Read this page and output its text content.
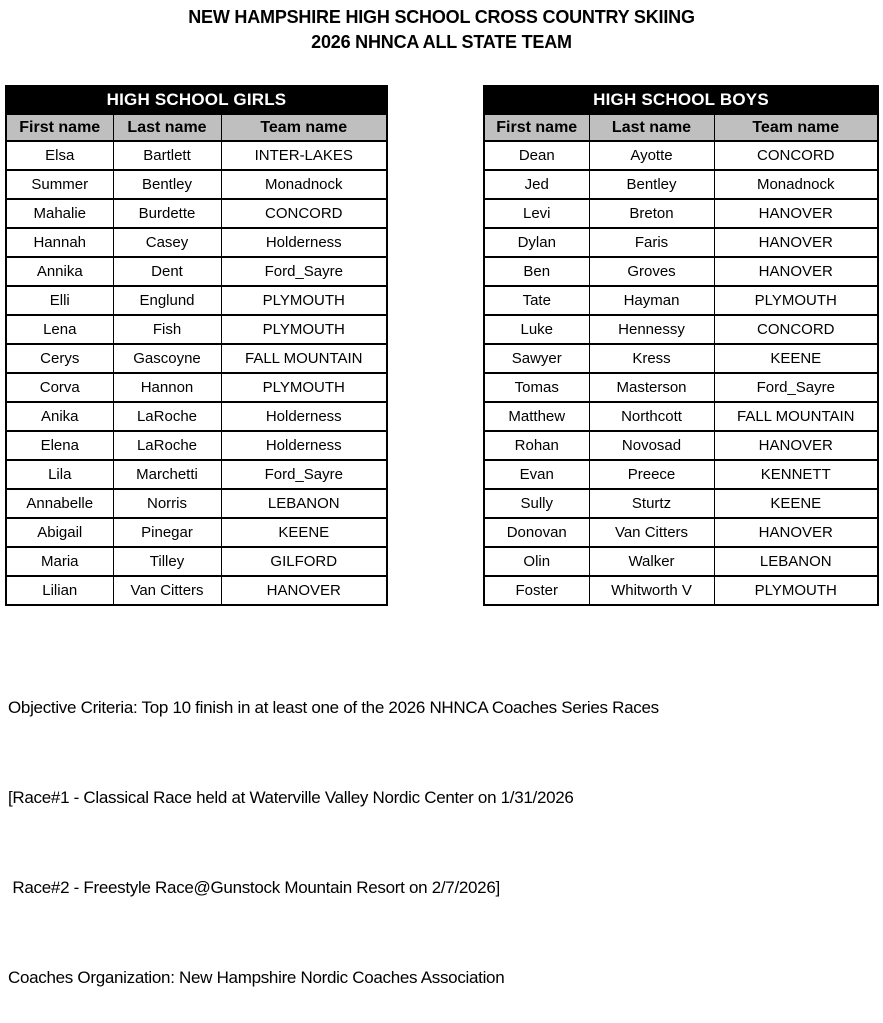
NEW HAMPSHIRE HIGH SCHOOL CROSS COUNTRY SKIING
2026 NHNCA ALL STATE TEAM
HIGH SCHOOL GIRLS		
First name	Last name	Team name
Elsa	Bartlett	INTER-LAKES
Summer	Bentley	Monadnock
Mahalie	Burdette	CONCORD
Hannah	Casey	Holderness
Annika	Dent	Ford_Sayre
Elli	Englund	PLYMOUTH
Lena	Fish	PLYMOUTH
Cerys	Gascoyne	FALL MOUNTAIN
Corva	Hannon	PLYMOUTH
Anika	LaRoche	Holderness
Elena	LaRoche	Holderness
Lila	Marchetti	Ford_Sayre
Annabelle	Norris	LEBANON
Abigail	Pinegar	KEENE
Maria	Tilley	GILFORD
Lilian	Van Citters	HANOVER
HIGH SCHOOL BOYS		
First name	Last name	Team name
Dean	Ayotte	CONCORD
Jed	Bentley	Monadnock
Levi	Breton	HANOVER
Dylan	Faris	HANOVER
Ben	Groves	HANOVER
Tate	Hayman	PLYMOUTH
Luke	Hennessy	CONCORD
Sawyer	Kress	KEENE
Tomas	Masterson	Ford_Sayre
Matthew	Northcott	FALL MOUNTAIN
Rohan	Novosad	HANOVER
Evan	Preece	KENNETT
Sully	Sturtz	KEENE
Donovan	Van Citters	HANOVER
Olin	Walker	LEBANON
Foster	Whitworth V	PLYMOUTH

Objective Criteria: Top 10 finish in at least one of the 2026 NHNCA Coaches Series Races

[Race#1 - Classical Race held at Waterville Valley Nordic Center on 1/31/2026

Race#2 - Freestyle Race@Gunstock Mountain Resort on 2/7/2026]

Coaches Organization: New Hampshire Nordic Coaches Association
